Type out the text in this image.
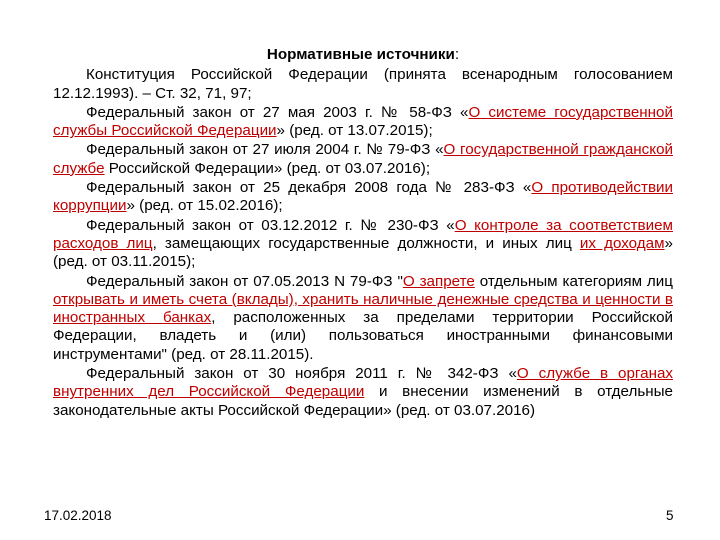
Нормативные источники:

Конституция Российской Федерации (принята всенародным голосованием 12.12.1993). – Ст. 32, 71, 97;

Федеральный закон от 27 мая 2003 г. № 58-ФЗ «О системе государственной службы Российской Федерации» (ред. от 13.07.2015);

Федеральный закон от 27 июля 2004 г. № 79-ФЗ «О государственной гражданской службе Российской Федерации» (ред. от 03.07.2016);

Федеральный закон от 25 декабря 2008 года № 283-ФЗ «О противодействии коррупции» (ред. от 15.02.2016);

Федеральный закон от 03.12.2012 г. № 230-ФЗ «О контроле за соответствием расходов лиц, замещающих государственные должности, и иных лиц их доходам» (ред. от 03.11.2015);

Федеральный закон от 07.05.2013 N 79-ФЗ "О запрете отдельным категориям лиц открывать и иметь счета (вклады), хранить наличные денежные средства и ценности в иностранных банках, расположенных за пределами территории Российской Федерации, владеть и (или) пользоваться иностранными финансовыми инструментами" (ред. от 28.11.2015).

Федеральный закон от 30 ноября 2011 г. № 342-ФЗ «О службе в органах внутренних дел Российской Федерации и внесении изменений в отдельные законодательные акты Российской Федерации» (ред. от 03.07.2016)

17.02.2018	5
